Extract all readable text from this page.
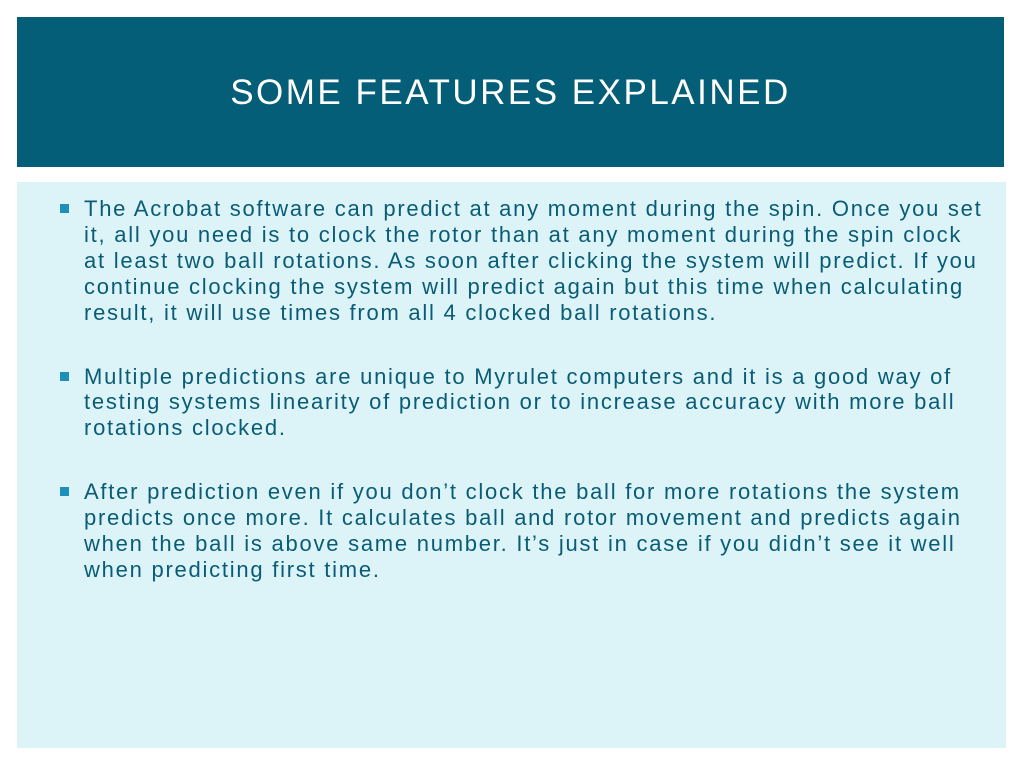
SOME FEATURES EXPLAINED
The Acrobat software can predict at any moment during the spin. Once you set it, all you need is to clock the rotor than at any moment during the spin clock at least two ball rotations. As soon after clicking the system will predict. If you continue clocking the system will predict again but this time when calculating result, it will use times from all 4 clocked ball rotations.
Multiple predictions are unique to Myrulet computers and it is a good way of testing systems linearity of prediction or to increase accuracy with more ball rotations clocked.
After prediction even if you don’t clock the ball for more rotations the system predicts once more. It calculates ball and rotor movement and predicts again when the ball is above same number. It’s just in case if you didn’t see it well when predicting first time.
